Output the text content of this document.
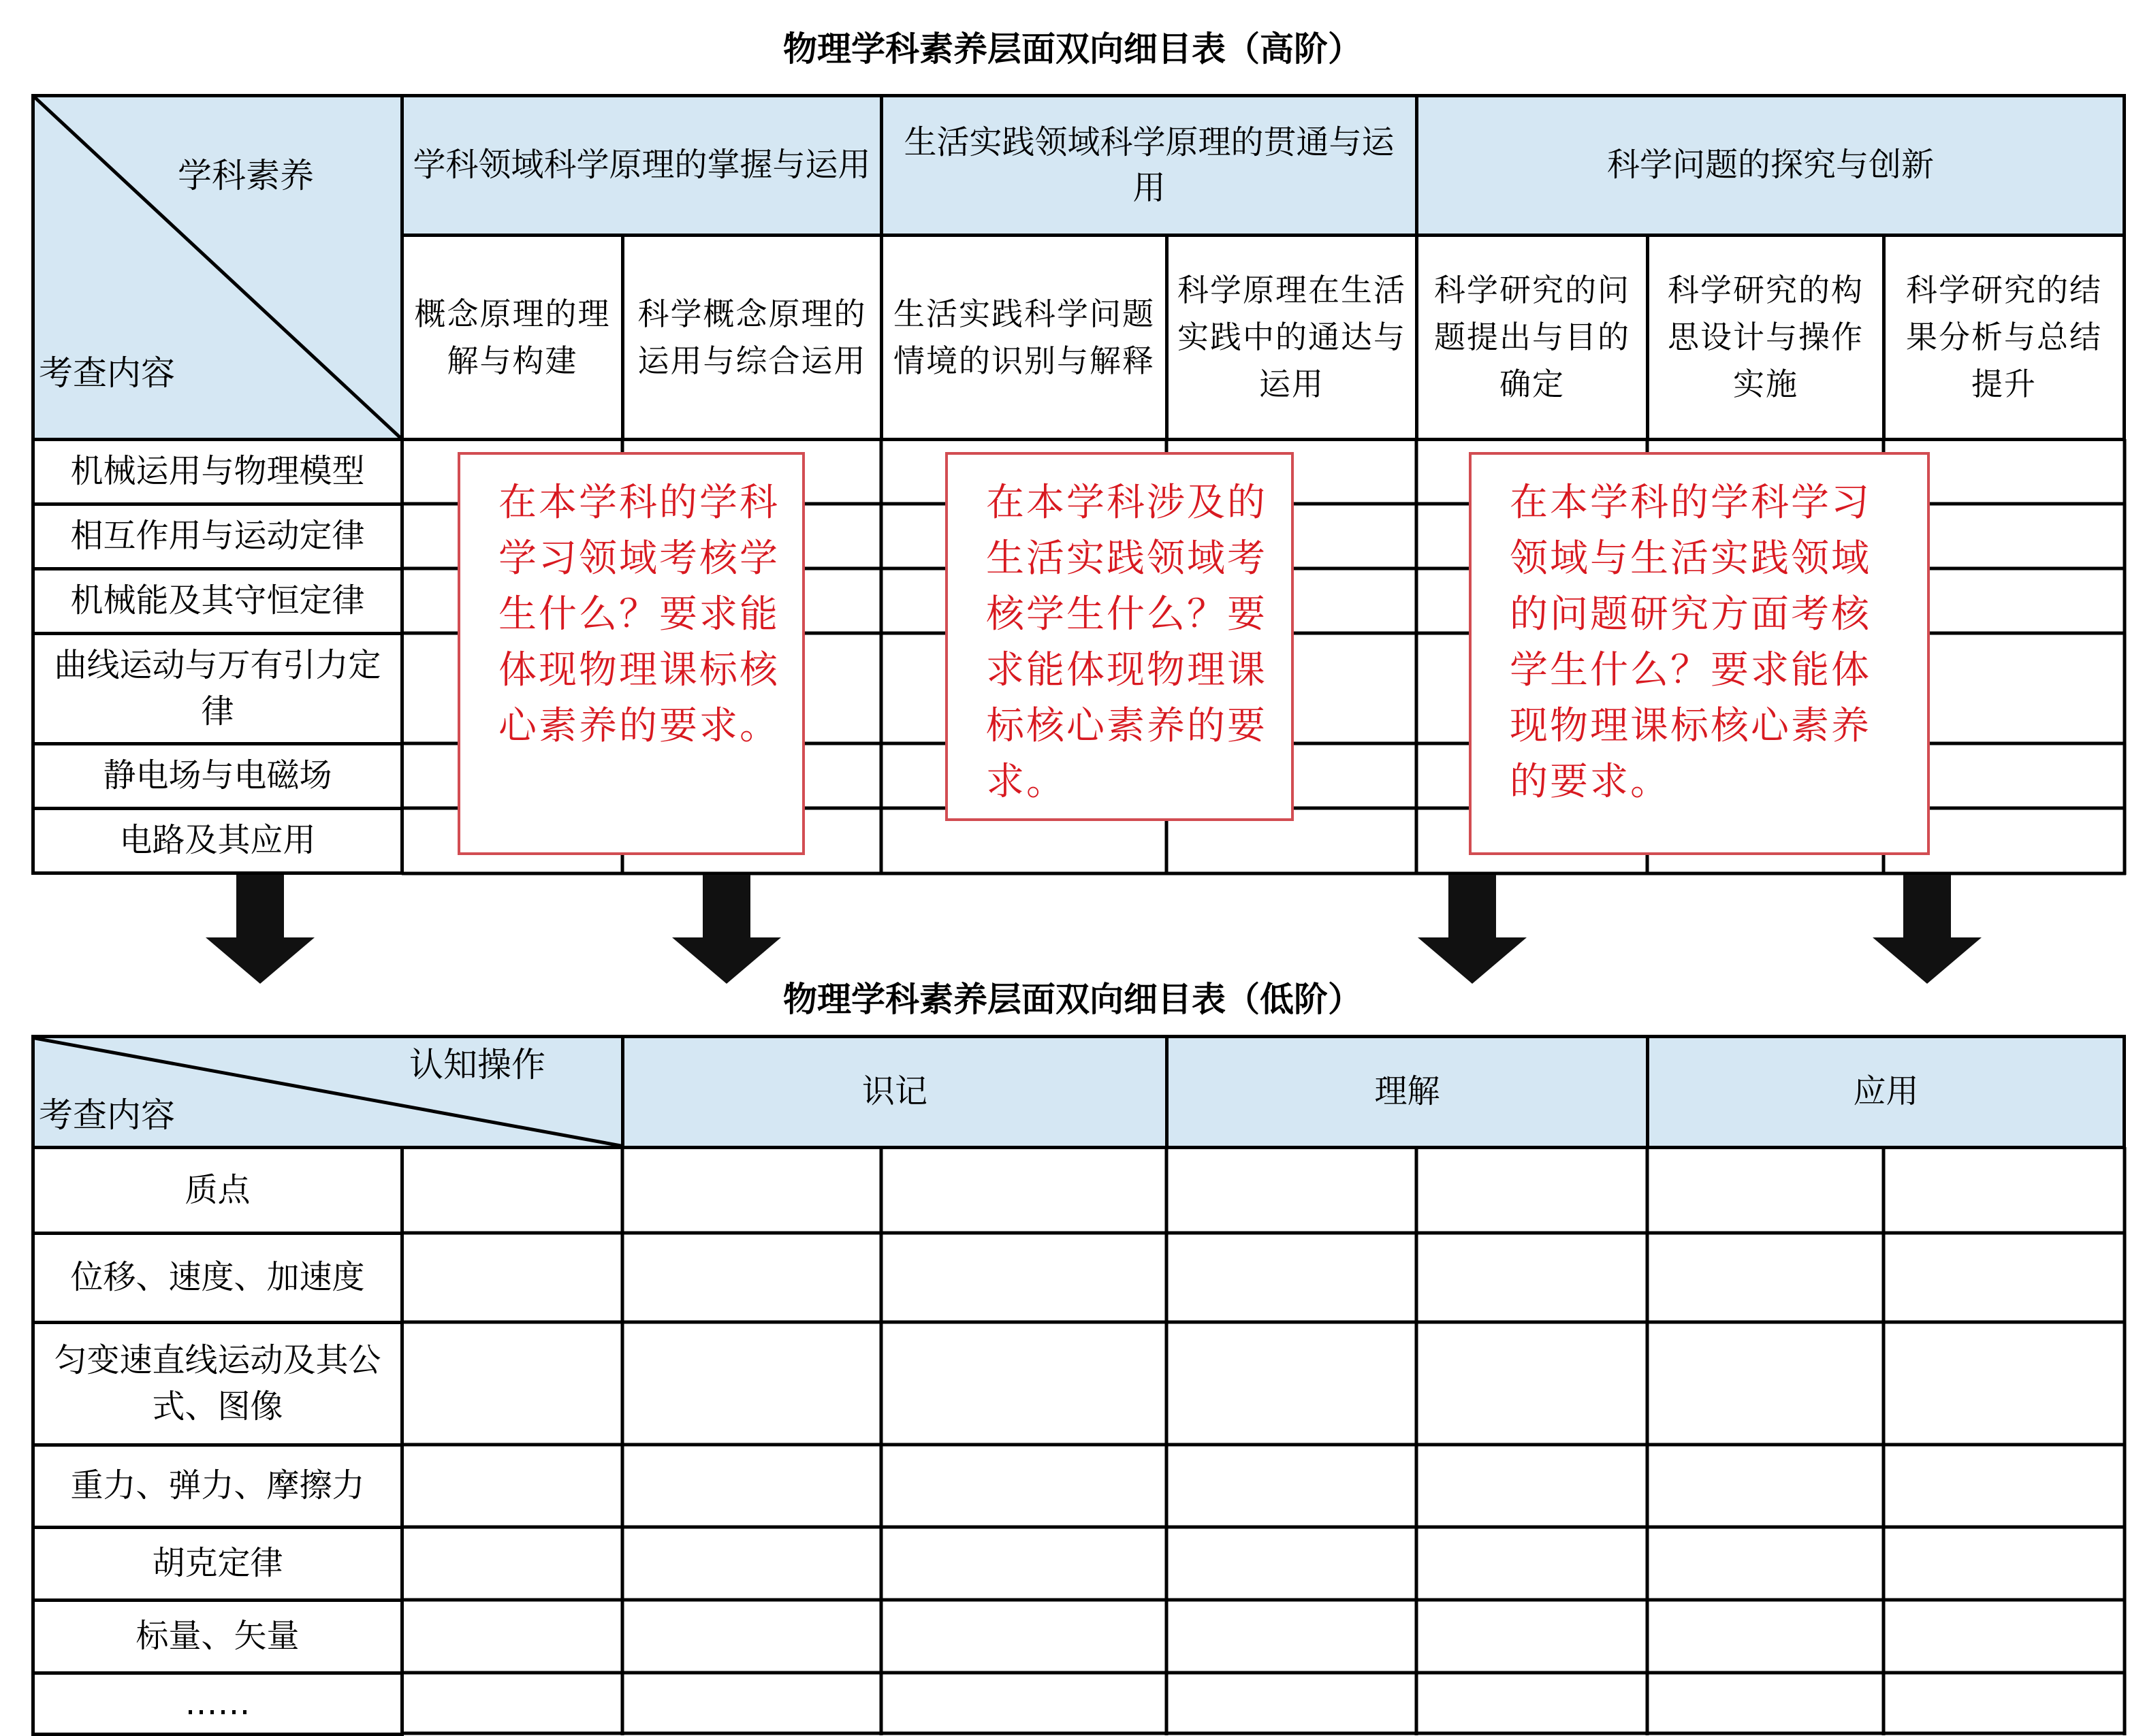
物理学科素养层面双向细目表（高阶）
学科素养
考查内容
学科领域科学原理的掌握与运用
生活实践领域科学原理的贯通与运用
科学问题的探究与创新
概念原理的理解与构建
科学概念原理的运用与综合运用
生活实践科学问题情境的识别与解释
科学原理在生活实践中的通达与运用
科学研究的问题提出与目的确定
科学研究的构思设计与操作实施
科学研究的结果分析与总结提升
机械运用与物理模型
相互作用与运动定律
机械能及其守恒定律
曲线运动与万有引力定律
静电场与电磁场
电路及其应用
在本学科的学科学习领域考核学生什么？要求能体现物理课标核心素养的要求。
在本学科涉及的生活实践领域考核学生什么？要求能体现物理课标核心素养的要求。
在本学科的学科学习领域与生活实践领域的问题研究方面考核学生什么？要求能体现物理课标核心素养的要求。
物理学科素养层面双向细目表（低阶）
认知操作
考查内容
识记	理解	应用
质点
位移、速度、加速度
匀变速直线运动及其公式、图像
重力、弹力、摩擦力
胡克定律
标量、矢量
……
